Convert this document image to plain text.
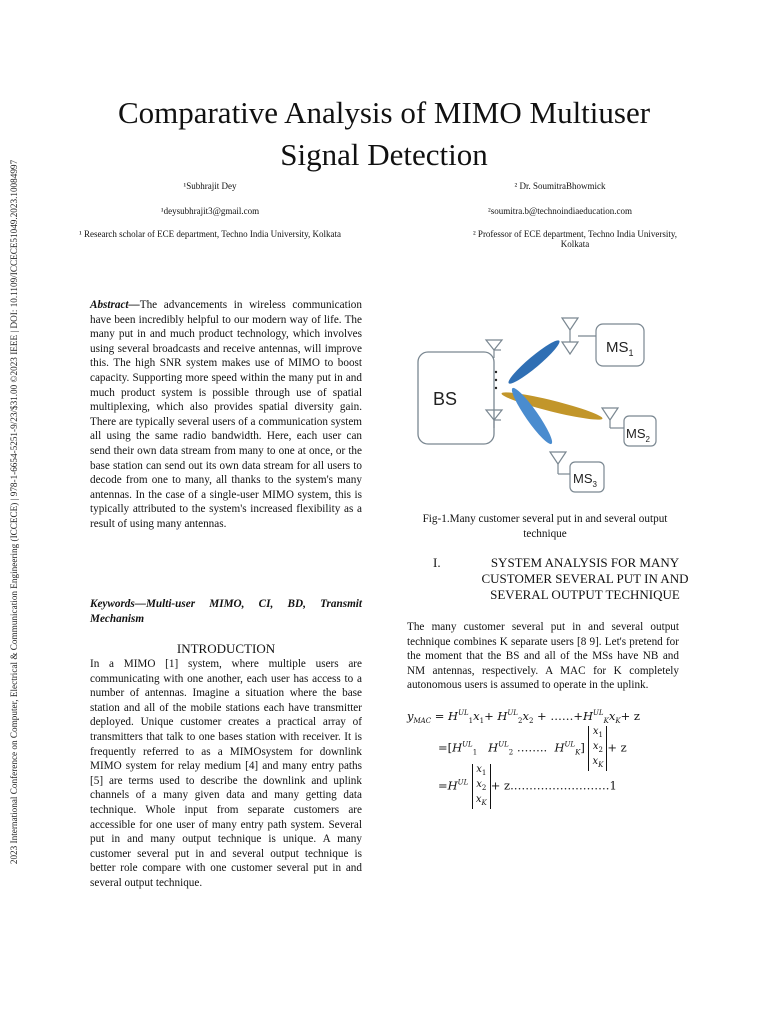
2023 International Conference on Computer, Electrical & Communication Engineering (ICCECE) | 978-1-6654-5251-9/23/$31.00 ©2023 IEEE | DOI: 10.1109/ICCECE51049.2023.10084997
Comparative Analysis of MIMO Multiuser
Signal Detection
¹Subhrajit Dey
¹deysubhrajit3@gmail.com
¹ Research scholar of ECE department, Techno India University, Kolkata
² Dr. SoumitraBhowmick
²soumitra.b@technoindiaeducation.com
² Professor of ECE department, Techno India University,
Kolkata

Abstract—The advancements in wireless communication have been incredibly helpful to our modern way of life. The many put in and much product technology, which involves using several broadcasts and receive antennas, will improve this. The high SNR system makes use of MIMO to boost capacity. Supporting more speed within the many put in and much product system is possible through use of spatial multiplexing, which also provides spatial diversity gain. There are typically several users of a communication system all using the same radio bandwidth. Here, each user can send their own data stream from many to one at once, or the base station can send out its own data stream for all users to decode from one to many, all thanks to the system's many antennas. In the case of a single-user MIMO system, this is typically attributed to the system's increased flexibility as a result of using many antennas.

Keywords—Multi-user MIMO, CI, BD, Transmit Mechanism

INTRODUCTION

In a MIMO [1] system, where multiple users are communicating with one another, each user has access to a number of antennas. Imagine a situation where the base station and all of the mobile stations each have transmitter deployed. Unique customer creates a practical array of transmitters that talk to one bases station with receiver. It is frequently referred to as a MIMOsystem for downlink MIMO system for relay medium [4] and many entry paths [5] are terms used to describe the downlink and uplink channels of a many given data and many getting data technique. Whole input from separate customers are accessible for one user of many entry path system. Several put in and many output technique is unique. A many customer several put in and several output technique is better role compare with one customer several put in and several output technique.

BS
$MS_1$
$MS_2$
$MS_3$

Fig-1.Many customer several put in and several output technique

I.	SYSTEM ANALYSIS FOR MANY CUSTOMER SEVERAL PUT IN AND SEVERAL OUTPUT TECHNIQUE

The many customer several put in and several output technique combines K separate users [8 9]. Let's pretend for the moment that the BS and all of the MSs have NB and NM antennas, respectively. A MAC for K completely autonomous users is assumed to operate in the uplink.

$y_{MAC} = H^{UL}_1x_1+ H^{UL}_2x_2$ + $\dots\dots+H^{UL}_Kx_K+ z$
$=[H^{UL}_1$ $H^{UL}_2$ …….. $H^{UL}_K$] $x_1$
$x_2$
$x_K+ z$
$=H^{UL}$ $x_1$
$x_2$
$x_K+$ z.…………………….1
